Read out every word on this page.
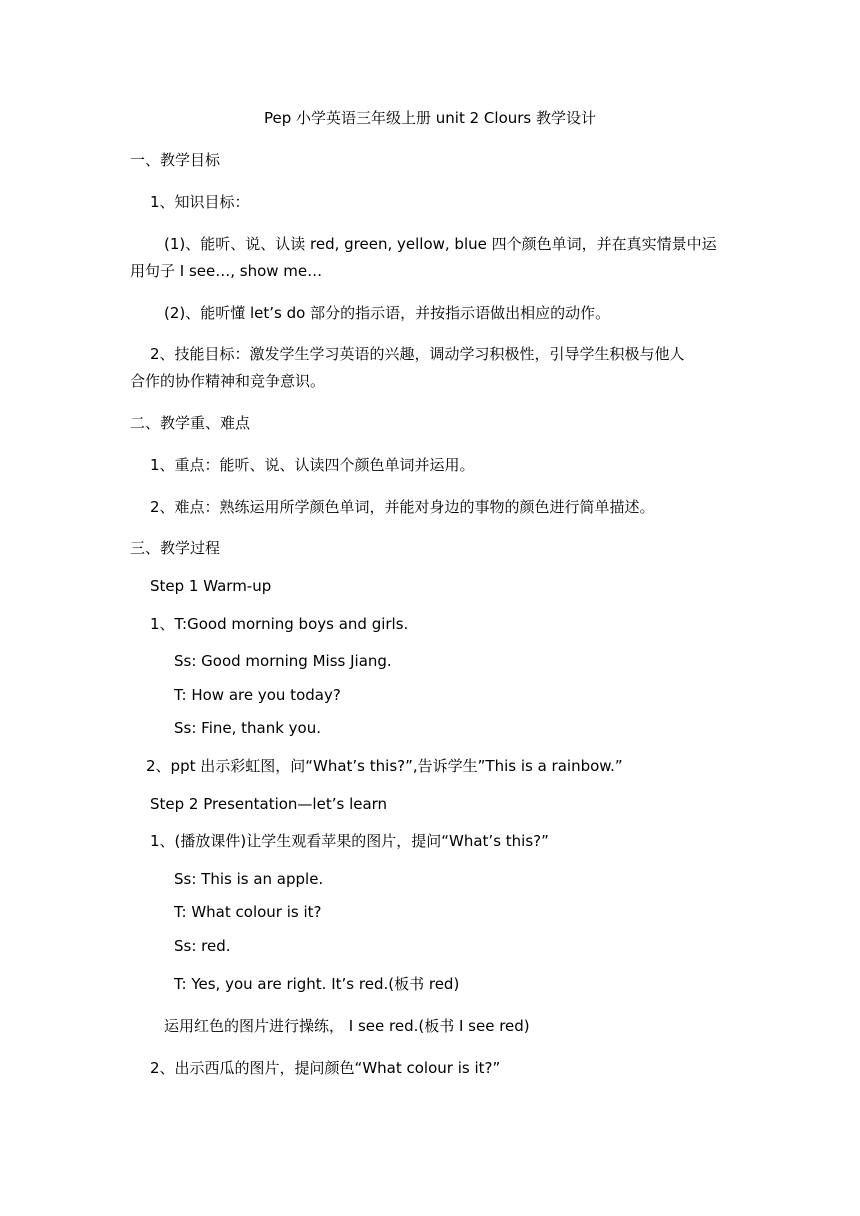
Pep 小学英语三年级上册 unit 2 Clours 教学设计
一、教学目标
1、知识目标：
(1)、能听、说、认读 red, green, yellow, blue 四个颜色单词，并在真实情景中运
用句子 I see…, show me…
(2)、能听懂 let’s do 部分的指示语，并按指示语做出相应的动作。
2、技能目标：激发学生学习英语的兴趣，调动学习积极性，引导学生积极与他人
合作的协作精神和竞争意识。
二、教学重、难点
1、重点：能听、说、认读四个颜色单词并运用。
2、难点：熟练运用所学颜色单词，并能对身边的事物的颜色进行简单描述。
三、教学过程
Step 1 Warm-up
1、T:Good morning boys and girls.
Ss: Good morning Miss Jiang.
T: How are you today?
Ss: Fine, thank you.
2、ppt 出示彩虹图，问“What’s this?”,告诉学生”This is a rainbow.”
Step 2 Presentation—let’s learn
1、(播放课件)让学生观看苹果的图片，提问“What’s this?”
Ss: This is an apple.
T: What colour is it?
Ss: red.
T: Yes, you are right. It’s red.(板书 red)
运用红色的图片进行操练， I see red.(板书 I see red)
2、出示西瓜的图片，提问颜色“What colour is it?”
